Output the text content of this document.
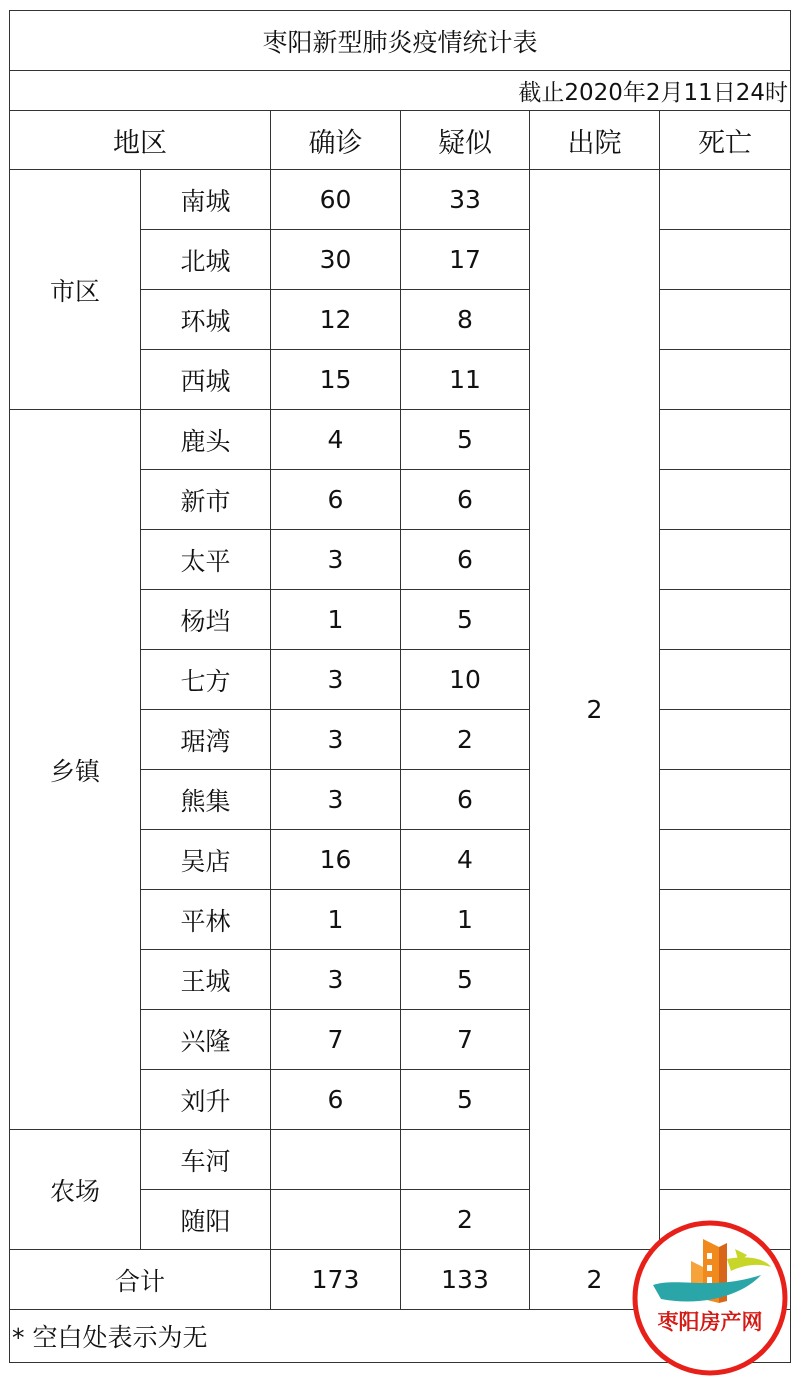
枣阳新型肺炎疫情统计表					
截止2020年2月11日24时					
地区		确诊	疑似	出院	死亡
市区	南城	60	33	2	
	北城	30	17		
	环城	12	8		
	西城	15	11		
乡镇	鹿头	4	5		
	新市	6	6		
	太平	3	6		
	杨垱	1	5		
	七方	3	10		
	琚湾	3	2		
	熊集	3	6		
	吴店	16	4		
	平林	1	1		
	王城	3	5		
	兴隆	7	7		
	刘升	6	5		
农场	车河				
	随阳		2		
合计		173	133	2	
* 空白处表示为无					
枣阳房产网
